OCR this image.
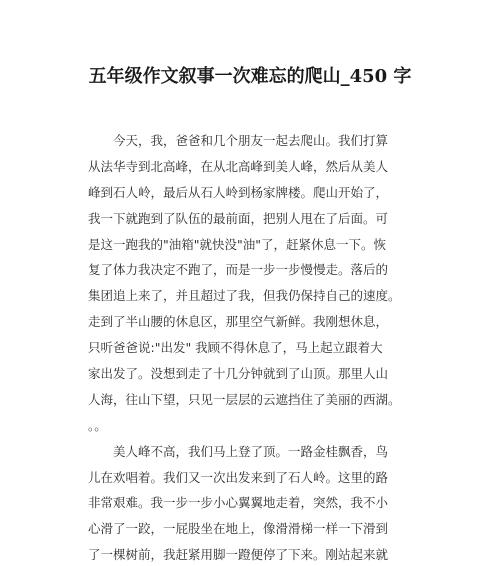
五年级作文叙事一次难忘的爬山_450 字
今天，我，爸爸和几个朋友一起去爬山。我们打算
从法华寺到北高峰，在从北高峰到美人峰，然后从美人
峰到石人岭，最后从石人岭到杨家牌楼。爬山开始了，
我一下就跑到了队伍的最前面，把别人甩在了后面。可
是这一跑我的"油箱"就快没"油"了，赶紧休息一下。恢
复了体力我决定不跑了，而是一步一步慢慢走。落后的
集团追上来了，并且超过了我，但我仍保持自己的速度。
走到了半山腰的休息区，那里空气新鲜。我刚想休息，
只听爸爸说:"出发" 我顾不得休息了，马上起立跟着大
家出发了。没想到走了十几分钟就到了山顶。那里人山
人海，往山下望，只见一层层的云遮挡住了美丽的西湖。
。。
美人峰不高，我们马上登了顶。一路金桂飘香，鸟
儿在欢唱着。我们又一次出发来到了石人岭。这里的路
非常艰难。我一步一步小心翼翼地走着，突然，我不小
心滑了一跤，一屁股坐在地上，像滑滑梯一样一下滑到
了一棵树前，我赶紧用脚一蹬便停了下来。刚站起来就
